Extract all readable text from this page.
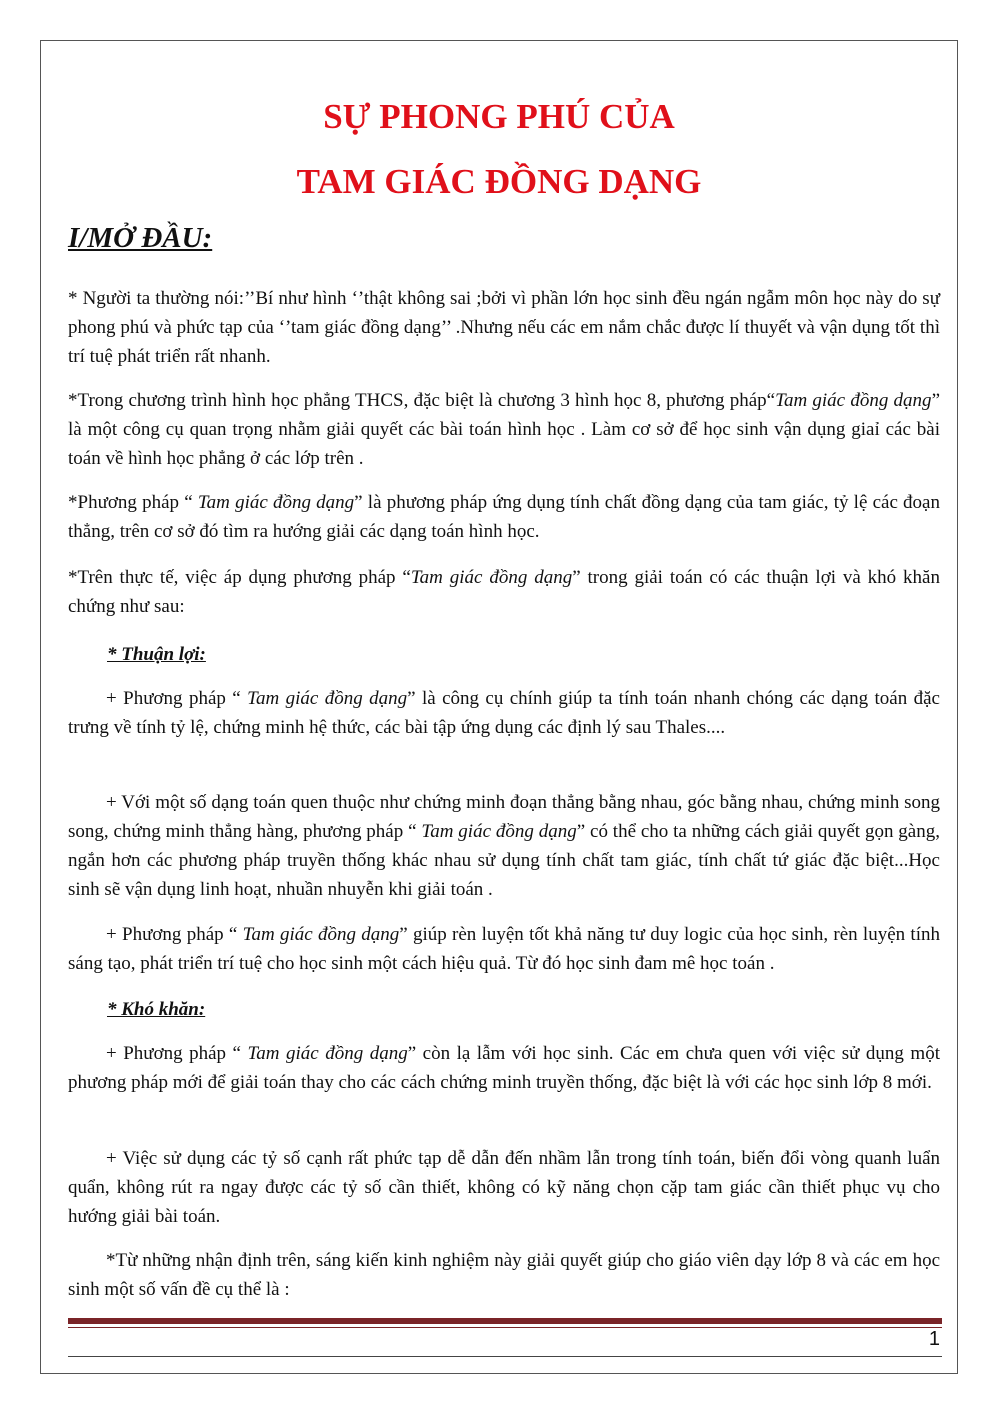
SỰ PHONG PHÚ CỦA
TAM GIÁC ĐỒNG DẠNG
I/MỞ ĐẦU:

* Người ta thường nói:’’Bí như hình ‘’thật không sai ;bởi vì phần lớn học sinh đều ngán ngẫm môn học này do sự phong phú và phức tạp của ‘’tam giác đồng dạng’’ .Nhưng nếu các em nắm chắc được lí thuyết và vận dụng tốt thì trí tuệ phát triển rất nhanh.

*Trong chương trình hình học phẳng THCS, đặc biệt là chương 3 hình học 8, phương pháp“Tam giác đồng dạng” là một công cụ quan trọng nhằm giải quyết các bài toán hình học . Làm cơ sở để học sinh vận dụng giaỉ các bài toán về hình học phẳng ở các lớp trên .

*Phương pháp “ Tam giác đồng dạng” là phương pháp ứng dụng tính chất đồng dạng của tam giác, tỷ lệ các đoạn thẳng, trên cơ sở đó tìm ra hướng giải các dạng toán hình học.

*Trên thực tế, việc áp dụng phương pháp “Tam giác đồng dạng” trong giải toán có các thuận lợi và khó khăn chứng như sau:

* Thuận lợi:

+ Phương pháp “ Tam giác đồng dạng” là công cụ chính giúp ta tính toán nhanh chóng các dạng toán đặc trưng về tính tỷ lệ, chứng minh hệ thức, các bài tập ứng dụng các định lý sau Thales....

+ Với một số dạng toán quen thuộc như chứng minh đoạn thẳng bằng nhau, góc bằng nhau, chứng minh song song, chứng minh thẳng hàng, phương pháp “ Tam giác đồng dạng” có thể cho ta những cách giải quyết gọn gàng, ngắn hơn các phương pháp truyền thống khác nhau sử dụng tính chất tam giác, tính chất tứ giác đặc biệt...Học sinh sẽ vận dụng linh hoạt, nhuần nhuyễn khi giải toán .

+ Phương pháp “ Tam giác đồng dạng” giúp rèn luyện tốt khả năng tư duy logic của học sinh, rèn luyện tính sáng tạo, phát triển trí tuệ cho học sinh một cách hiệu quả. Từ đó học sinh đam mê học toán .

* Khó khăn:

+ Phương pháp “ Tam giác đồng dạng” còn lạ lẫm với học sinh. Các em chưa quen với việc sử dụng một phương pháp mới để giải toán thay cho các cách chứng minh truyền thống, đặc biệt là với các học sinh lớp 8 mới.

+ Việc sử dụng các tỷ số cạnh rất phức tạp dễ dẫn đến nhầm lẫn trong tính toán, biến đổi vòng quanh luẩn quẩn, không rút ra ngay được các tỷ số cần thiết, không có kỹ năng chọn cặp tam giác cần thiết phục vụ cho hướng giải bài toán.

*Từ những nhận định trên, sáng kiến kinh nghiệm này giải quyết giúp cho giáo viên dạy lớp 8 và các em học sinh một số vấn đề cụ thể là :

1
